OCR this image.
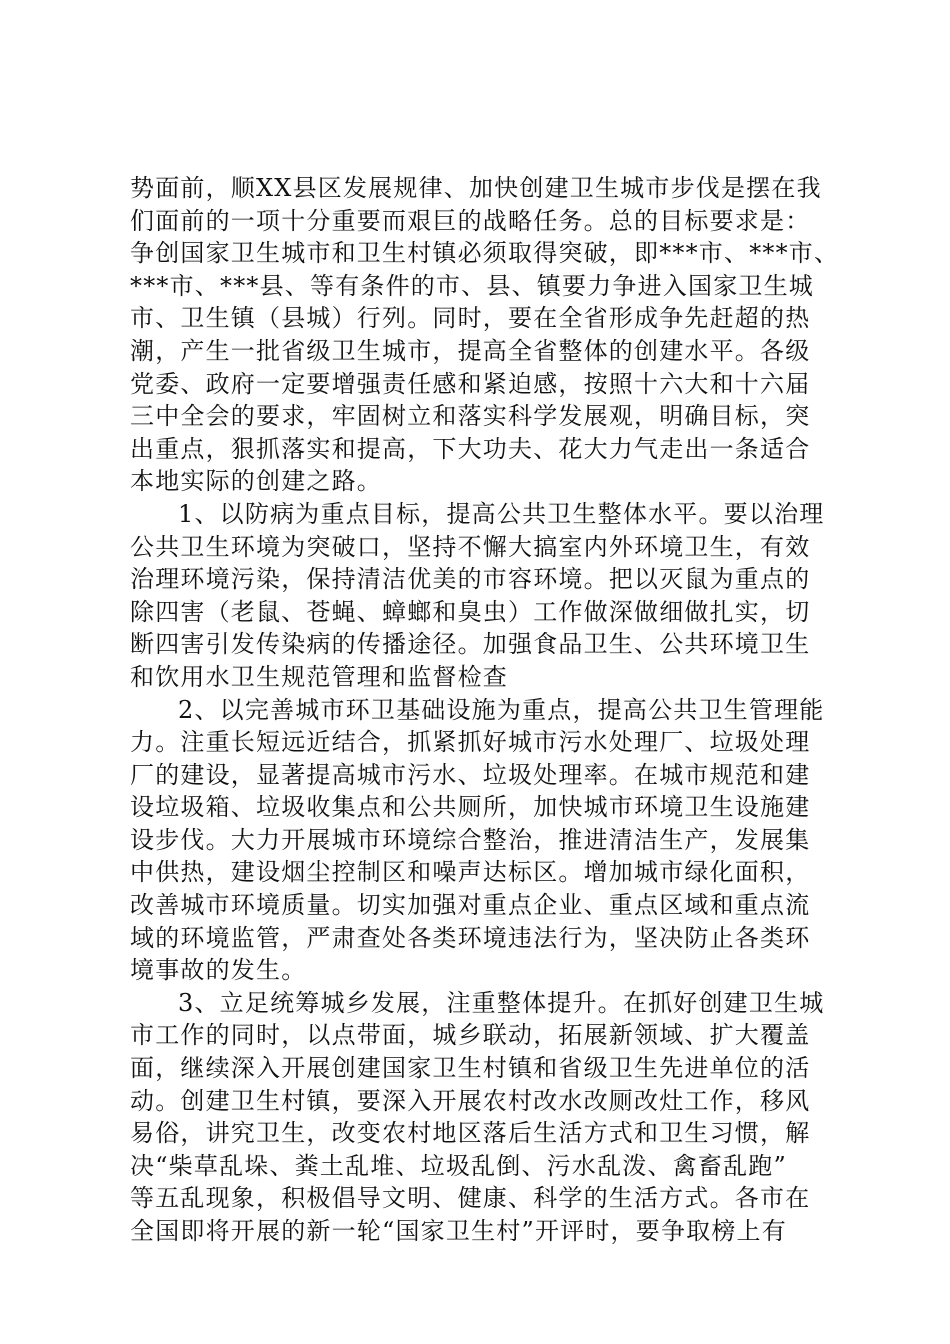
势面前，顺XX县区发展规律、加快创建卫生城市步伐是摆在我
们面前的一项十分重要而艰巨的战略任务。总的目标要求是：
争创国家卫生城市和卫生村镇必须取得突破，即***市、***市、
***市、***县、等有条件的市、县、镇要力争进入国家卫生城
市、卫生镇（县城）行列。同时，要在全省形成争先赶超的热
潮，产生一批省级卫生城市，提高全省整体的创建水平。各级
党委、政府一定要增强责任感和紧迫感，按照十六大和十六届
三中全会的要求，牢固树立和落实科学发展观，明确目标，突
出重点，狠抓落实和提高，下大功夫、花大力气走出一条适合
本地实际的创建之路。
1、以防病为重点目标，提高公共卫生整体水平。要以治理
公共卫生环境为突破口，坚持不懈大搞室内外环境卫生，有效
治理环境污染，保持清洁优美的市容环境。把以灭鼠为重点的
除四害（老鼠、苍蝇、蟑螂和臭虫）工作做深做细做扎实，切
断四害引发传染病的传播途径。加强食品卫生、公共环境卫生
和饮用水卫生规范管理和监督检查
2、以完善城市环卫基础设施为重点，提高公共卫生管理能
力。注重长短远近结合，抓紧抓好城市污水处理厂、垃圾处理
厂的建设，显著提高城市污水、垃圾处理率。在城市规范和建
设垃圾箱、垃圾收集点和公共厕所，加快城市环境卫生设施建
设步伐。大力开展城市环境综合整治，推进清洁生产，发展集
中供热，建设烟尘控制区和噪声达标区。增加城市绿化面积，
改善城市环境质量。切实加强对重点企业、重点区域和重点流
域的环境监管，严肃查处各类环境违法行为，坚决防止各类环
境事故的发生。
3、立足统筹城乡发展，注重整体提升。在抓好创建卫生城
市工作的同时，以点带面，城乡联动，拓展新领域、扩大覆盖
面，继续深入开展创建国家卫生村镇和省级卫生先进单位的活
动。创建卫生村镇，要深入开展农村改水改厕改灶工作，移风
易俗，讲究卫生，改变农村地区落后生活方式和卫生习惯，解
决“柴草乱垛、粪土乱堆、垃圾乱倒、污水乱泼、禽畜乱跑”
等五乱现象，积极倡导文明、健康、科学的生活方式。各市在
全国即将开展的新一轮“国家卫生村”开评时，要争取榜上有
